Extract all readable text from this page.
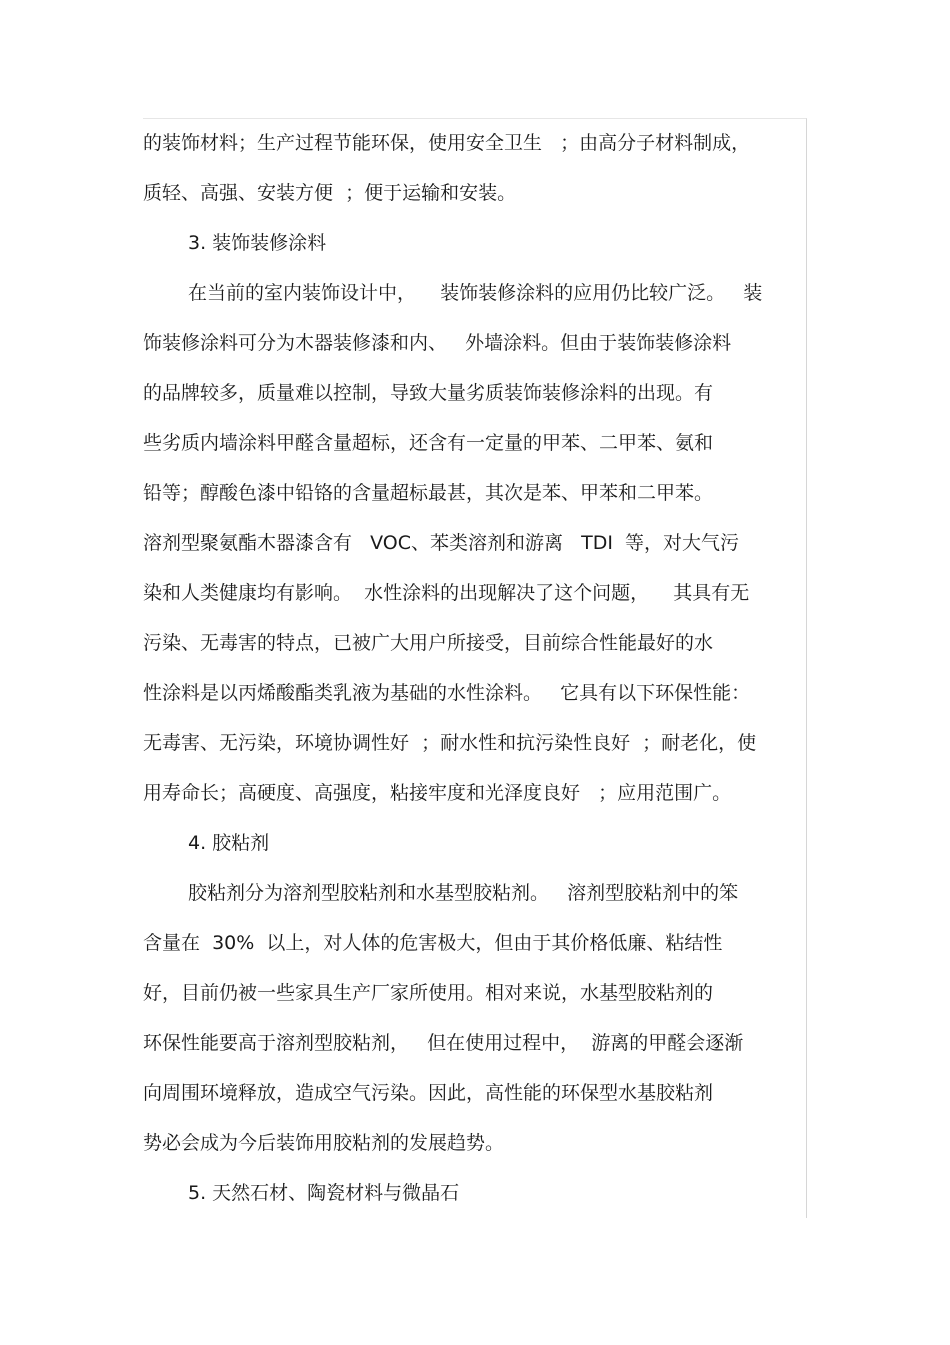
的装饰材料；生产过程节能环保，使用安全卫生   ；由高分子材料制成，
质轻、高强、安装方便  ；便于运输和安装。
3. 装饰装修涂料
在当前的室内装饰设计中，    装饰装修涂料的应用仍比较广泛。   装
饰装修涂料可分为木器装修漆和内、   外墙涂料。但由于装饰装修涂料
的品牌较多，质量难以控制，导致大量劣质装饰装修涂料的出现。有
些劣质内墙涂料甲醛含量超标，还含有一定量的甲苯、二甲苯、氨和
铅等；醇酸色漆中铅铬的含量超标最甚，其次是苯、甲苯和二甲苯。
溶剂型聚氨酯木器漆含有   VOC、苯类溶剂和游离   TDI  等，对大气污
染和人类健康均有影响。  水性涂料的出现解决了这个问题，    其具有无
污染、无毒害的特点，已被广大用户所接受，目前综合性能最好的水
性涂料是以丙烯酸酯类乳液为基础的水性涂料。   它具有以下环保性能：
无毒害、无污染，环境协调性好  ；耐水性和抗污染性良好  ；耐老化，使
用寿命长；高硬度、高强度，粘接牢度和光泽度良好   ；应用范围广。
4. 胶粘剂
胶粘剂分为溶剂型胶粘剂和水基型胶粘剂。   溶剂型胶粘剂中的笨
含量在  30%  以上，对人体的危害极大，但由于其价格低廉、粘结性
好，目前仍被一些家具生产厂家所使用。相对来说，水基型胶粘剂的
环保性能要高于溶剂型胶粘剂，   但在使用过程中，  游离的甲醛会逐渐
向周围环境释放，造成空气污染。因此，高性能的环保型水基胶粘剂
势必会成为今后装饰用胶粘剂的发展趋势。
5. 天然石材、陶瓷材料与微晶石
